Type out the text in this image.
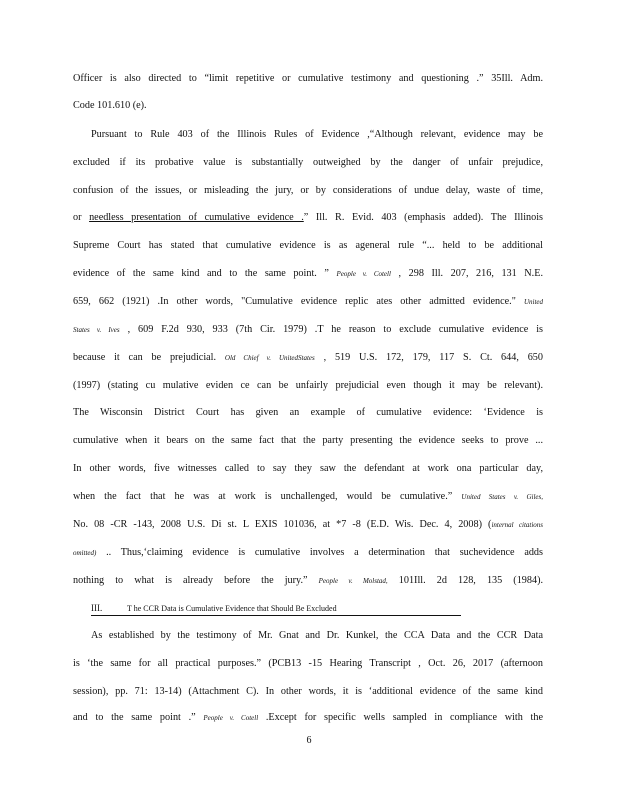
Officer is also directed to “limit repetitive or cumulative testimony and questioning .” 35Ill. Adm.
Code 101.610 (e).
Pursuant to Rule 403 of the Illinois Rules of Evidence ,“Although relevant, evidence may be
excluded if its probative value is substantially outweighed by the danger of unfair prejudice,
confusion of the issues, or misleading the jury, or by considerations of undue delay, waste of time,
or needless presentation of cumulative evidence .” Ill. R. Evid. 403 (emphasis added). The Illinois
Supreme Court has stated that cumulative evidence is as ageneral rule “... held to be additional
evidence of the same kind and to the same point. ” People v. Cotell , 298 Ill. 207, 216, 131 N.E.
659, 662 (1921) .In other words, "Cumulative evidence replic ates other admitted evidence." United
States v. Ives , 609 F.2d 930, 933 (7th Cir. 1979) .T he reason to exclude cumulative evidence is
because it can be prejudicial. Old Chief v. UnitedStates , 519 U.S. 172, 179, 117 S. Ct. 644, 650
(1997) (stating cu mulative eviden ce can be unfairly prejudicial even though it may be relevant).
The Wisconsin District Court has given an example of cumulative evidence: ‘Evidence is
cumulative when it bears on the same fact that the party presenting the evidence seeks to prove ...
In other words, five witnesses called to say they saw the defendant at work ona particular day,
when the fact that he was at work is unchallenged, would be cumulative.” United States v. Giles,
No. 08 -CR -143, 2008 U.S. Di st. L EXIS 101036, at *7 -8 (E.D. Wis. Dec. 4, 2008) (internal citations
omitted) .. Thus,‘claiming evidence is cumulative involves a determination that suchevidence adds
nothing to what is already before the jury.” People v. Molstad, 101Ill. 2d 128, 135 (1984).
III.	T he CCR Data is Cumulative Evidence that Should Be Excluded
As established by the testimony of Mr. Gnat and Dr. Kunkel, the CCA Data and the CCR Data
is ‘the same for all practical purposes.” (PCB13 -15 Hearing Transcript , Oct. 26, 2017 (afternoon
session), pp. 71: 13-14) (Attachment C). In other words, it is ‘additional evidence of the same kind
and to the same point .” People v. Cotell .Except for specific wells sampled in compliance with the
6
